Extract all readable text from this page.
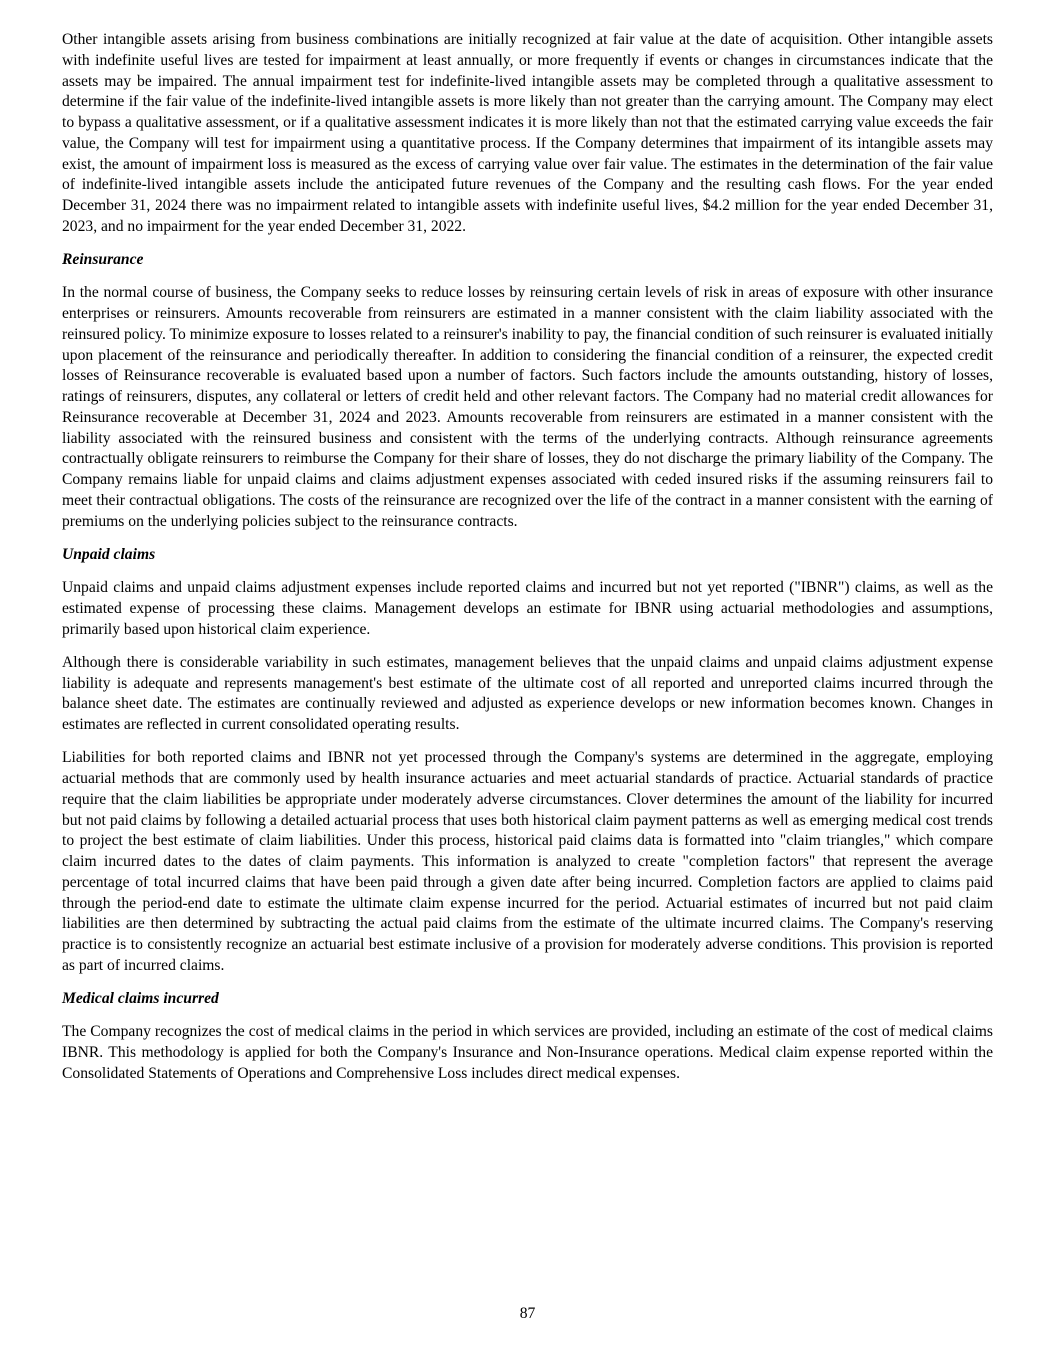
Other intangible assets arising from business combinations are initially recognized at fair value at the date of acquisition. Other intangible assets with indefinite useful lives are tested for impairment at least annually, or more frequently if events or changes in circumstances indicate that the assets may be impaired. The annual impairment test for indefinite-lived intangible assets may be completed through a qualitative assessment to determine if the fair value of the indefinite-lived intangible assets is more likely than not greater than the carrying amount. The Company may elect to bypass a qualitative assessment, or if a qualitative assessment indicates it is more likely than not that the estimated carrying value exceeds the fair value, the Company will test for impairment using a quantitative process. If the Company determines that impairment of its intangible assets may exist, the amount of impairment loss is measured as the excess of carrying value over fair value. The estimates in the determination of the fair value of indefinite-lived intangible assets include the anticipated future revenues of the Company and the resulting cash flows. For the year ended December 31, 2024 there was no impairment related to intangible assets with indefinite useful lives, $4.2 million for the year ended December 31, 2023, and no impairment for the year ended December 31, 2022.

Reinsurance

In the normal course of business, the Company seeks to reduce losses by reinsuring certain levels of risk in areas of exposure with other insurance enterprises or reinsurers. Amounts recoverable from reinsurers are estimated in a manner consistent with the claim liability associated with the reinsured policy. To minimize exposure to losses related to a reinsurer's inability to pay, the financial condition of such reinsurer is evaluated initially upon placement of the reinsurance and periodically thereafter. In addition to considering the financial condition of a reinsurer, the expected credit losses of Reinsurance recoverable is evaluated based upon a number of factors. Such factors include the amounts outstanding, history of losses, ratings of reinsurers, disputes, any collateral or letters of credit held and other relevant factors. The Company had no material credit allowances for Reinsurance recoverable at December 31, 2024 and 2023. Amounts recoverable from reinsurers are estimated in a manner consistent with the liability associated with the reinsured business and consistent with the terms of the underlying contracts. Although reinsurance agreements contractually obligate reinsurers to reimburse the Company for their share of losses, they do not discharge the primary liability of the Company. The Company remains liable for unpaid claims and claims adjustment expenses associated with ceded insured risks if the assuming reinsurers fail to meet their contractual obligations. The costs of the reinsurance are recognized over the life of the contract in a manner consistent with the earning of premiums on the underlying policies subject to the reinsurance contracts.

Unpaid claims

Unpaid claims and unpaid claims adjustment expenses include reported claims and incurred but not yet reported ("IBNR") claims, as well as the estimated expense of processing these claims. Management develops an estimate for IBNR using actuarial methodologies and assumptions, primarily based upon historical claim experience.

Although there is considerable variability in such estimates, management believes that the unpaid claims and unpaid claims adjustment expense liability is adequate and represents management's best estimate of the ultimate cost of all reported and unreported claims incurred through the balance sheet date. The estimates are continually reviewed and adjusted as experience develops or new information becomes known. Changes in estimates are reflected in current consolidated operating results.

Liabilities for both reported claims and IBNR not yet processed through the Company's systems are determined in the aggregate, employing actuarial methods that are commonly used by health insurance actuaries and meet actuarial standards of practice. Actuarial standards of practice require that the claim liabilities be appropriate under moderately adverse circumstances. Clover determines the amount of the liability for incurred but not paid claims by following a detailed actuarial process that uses both historical claim payment patterns as well as emerging medical cost trends to project the best estimate of claim liabilities. Under this process, historical paid claims data is formatted into "claim triangles," which compare claim incurred dates to the dates of claim payments. This information is analyzed to create "completion factors" that represent the average percentage of total incurred claims that have been paid through a given date after being incurred. Completion factors are applied to claims paid through the period-end date to estimate the ultimate claim expense incurred for the period. Actuarial estimates of incurred but not paid claim liabilities are then determined by subtracting the actual paid claims from the estimate of the ultimate incurred claims. The Company's reserving practice is to consistently recognize an actuarial best estimate inclusive of a provision for moderately adverse conditions. This provision is reported as part of incurred claims.

Medical claims incurred

The Company recognizes the cost of medical claims in the period in which services are provided, including an estimate of the cost of medical claims IBNR. This methodology is applied for both the Company's Insurance and Non-Insurance operations. Medical claim expense reported within the Consolidated Statements of Operations and Comprehensive Loss includes direct medical expenses.

87
